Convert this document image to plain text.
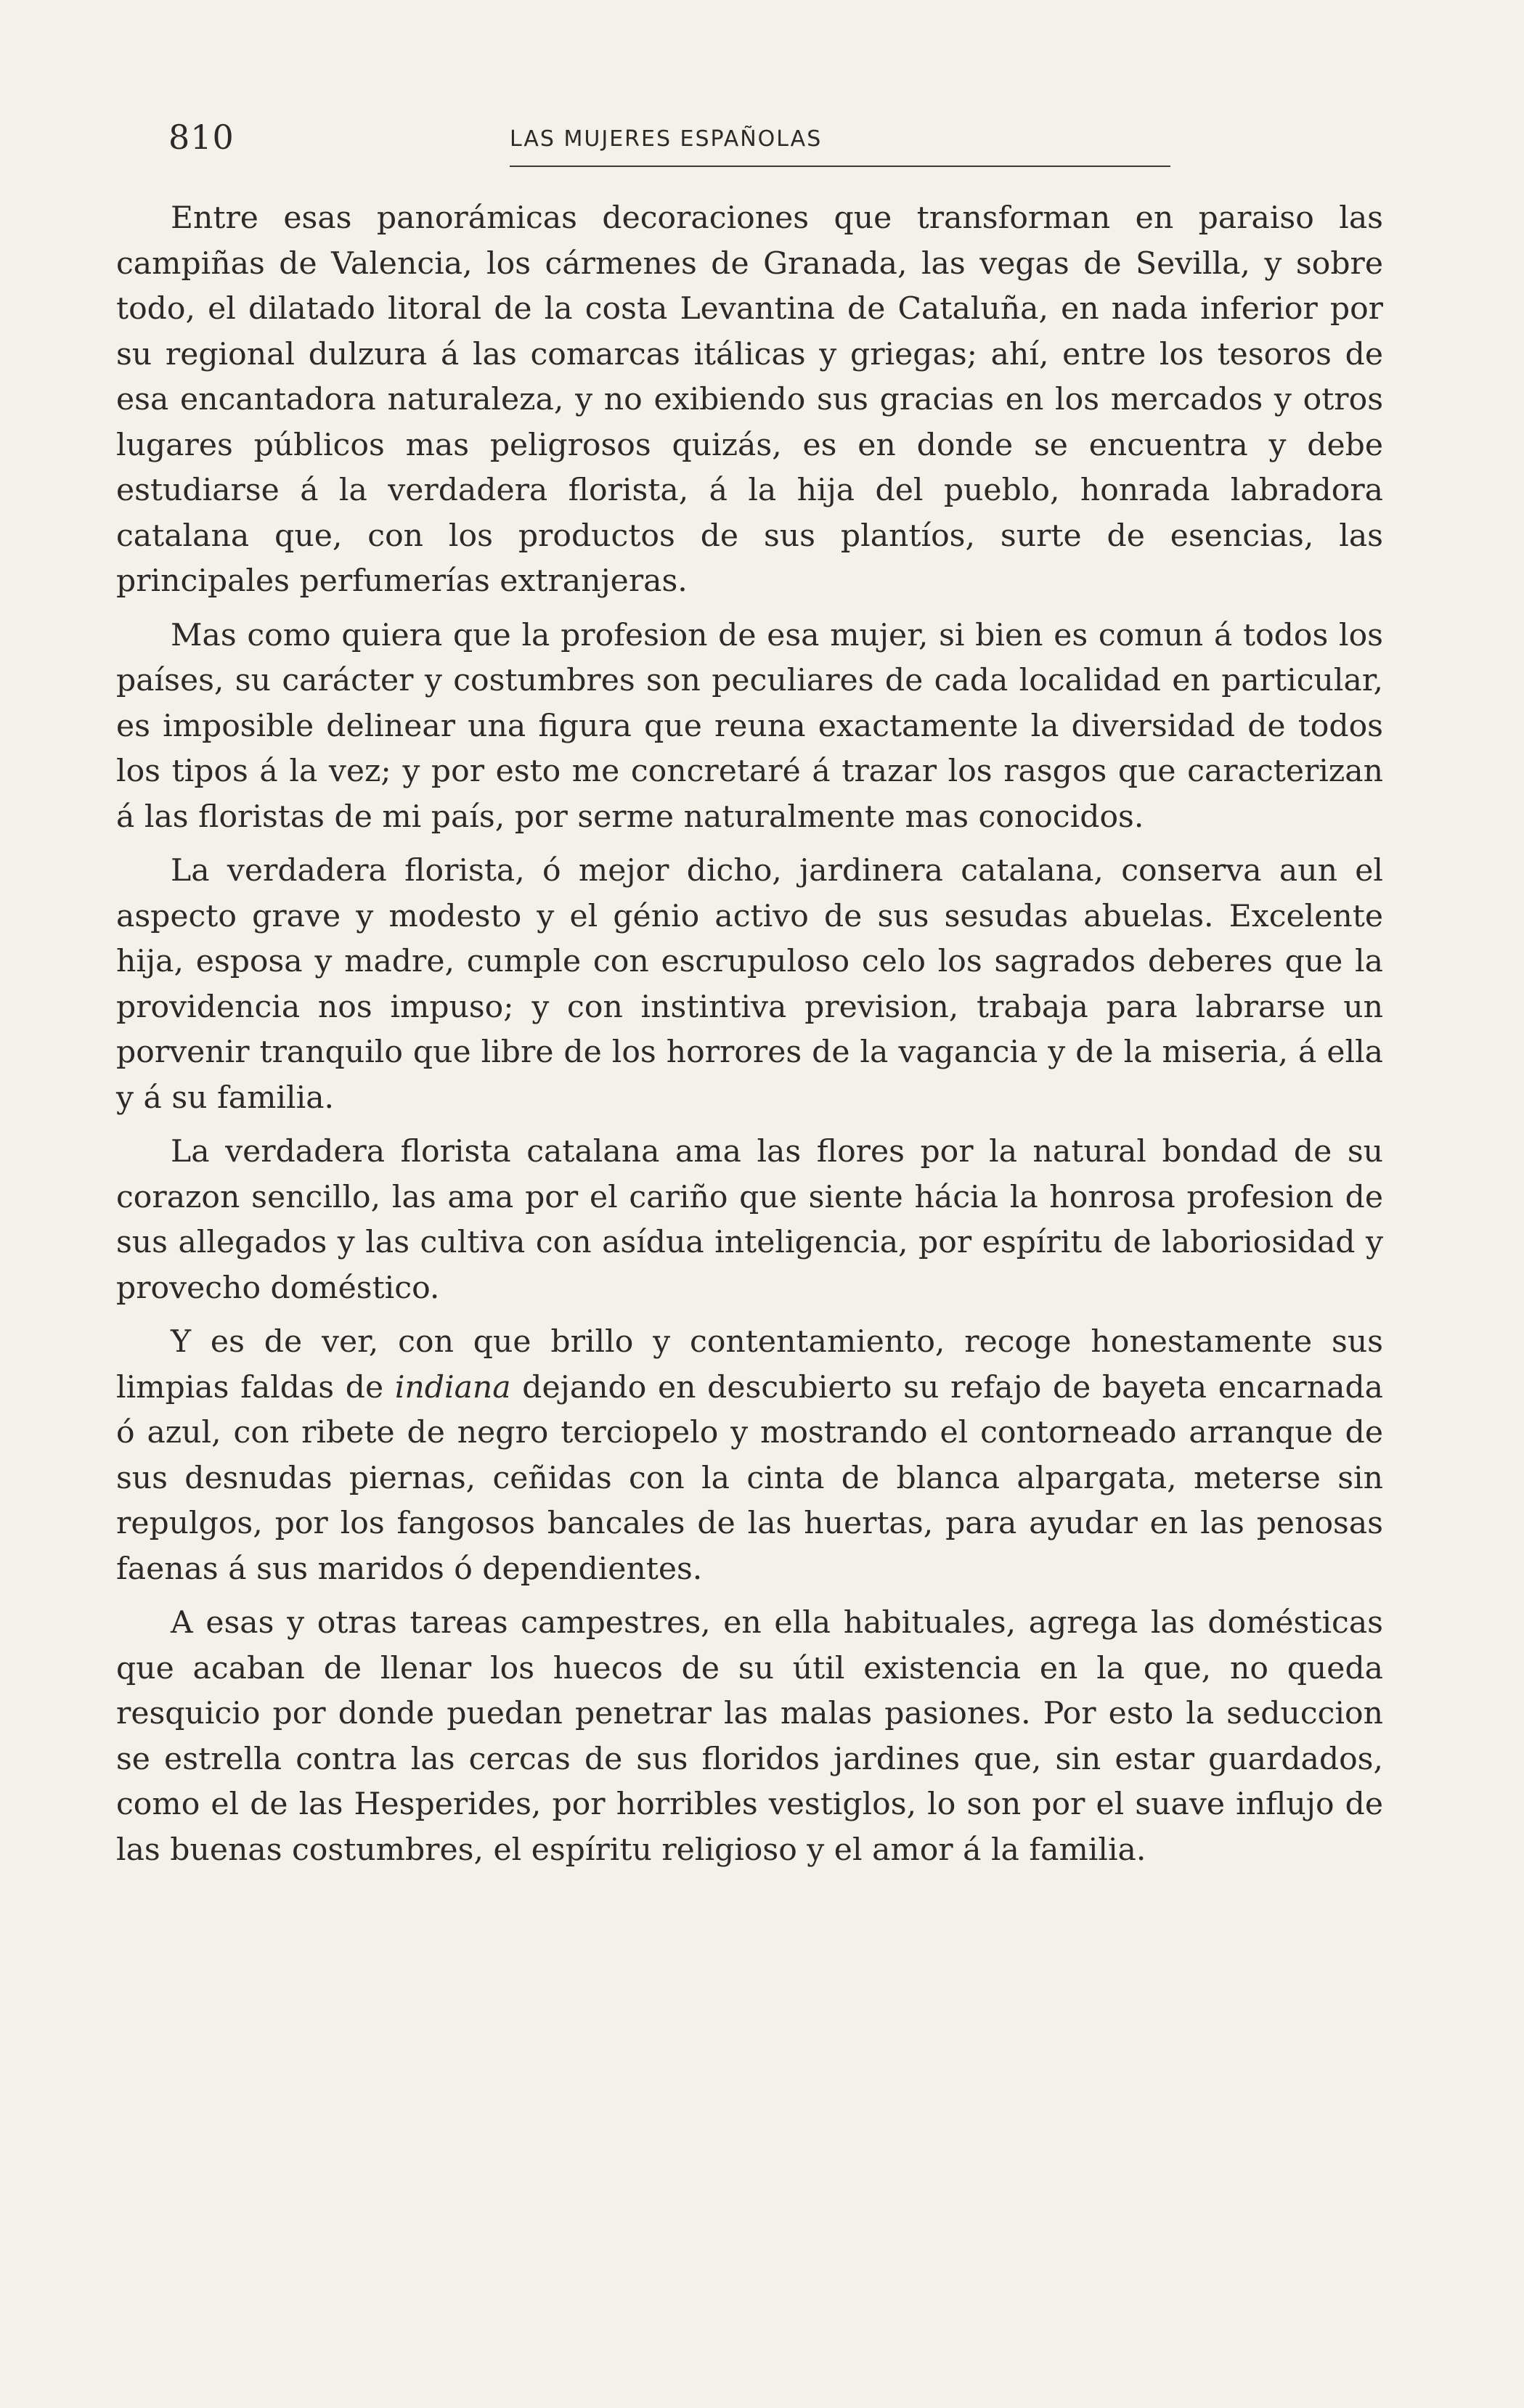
810	LAS MUJERES ESPAÑOLAS

Entre esas panorámicas decoraciones que transforman en paraiso las campiñas de Valencia, los cármenes de Granada, las vegas de Sevilla, y sobre todo, el dilatado litoral de la costa Levantina de Cataluña, en nada inferior por su regional dulzura á las comarcas itálicas y griegas; ahí, entre los tesoros de esa encantadora naturaleza, y no exibiendo sus gracias en los mercados y otros lugares públicos mas peligrosos quizás, es en donde se encuentra y debe estudiarse á la verdadera florista, á la hija del pueblo, honrada labradora catalana que, con los productos de sus plantíos, surte de esencias, las principales perfumerías extranjeras.

Mas como quiera que la profesion de esa mujer, si bien es comun á todos los países, su carácter y costumbres son peculiares de cada localidad en particular, es imposible delinear una figura que reuna exactamente la diversidad de todos los tipos á la vez; y por esto me concretaré á trazar los rasgos que caracterizan á las floristas de mi país, por serme naturalmente mas conocidos.

La verdadera florista, ó mejor dicho, jardinera catalana, conserva aun el aspecto grave y modesto y el génio activo de sus sesudas abuelas. Excelente hija, esposa y madre, cumple con escrupuloso celo los sagrados deberes que la providencia nos impuso; y con instintiva prevision, trabaja para labrarse un porvenir tranquilo que libre de los horrores de la vagancia y de la miseria, á ella y á su familia.

La verdadera florista catalana ama las flores por la natural bondad de su corazon sencillo, las ama por el cariño que siente hácia la honrosa profesion de sus allegados y las cultiva con asídua inteligencia, por espíritu de laboriosidad y provecho doméstico.

Y es de ver, con que brillo y contentamiento, recoge honestamente sus limpias faldas de indiana dejando en descubierto su refajo de bayeta encarnada ó azul, con ribete de negro terciopelo y mostrando el contorneado arranque de sus desnudas piernas, ceñidas con la cinta de blanca alpargata, meterse sin repulgos, por los fangosos bancales de las huertas, para ayudar en las penosas faenas á sus maridos ó dependientes.

A esas y otras tareas campestres, en ella habituales, agrega las domésticas que acaban de llenar los huecos de su útil existencia en la que, no queda resquicio por donde puedan penetrar las malas pasiones. Por esto la seduccion se estrella contra las cercas de sus floridos jardines que, sin estar guardados, como el de las Hesperides, por horribles vestiglos, lo son por el suave influjo de las buenas costumbres, el espíritu religioso y el amor á la familia.
